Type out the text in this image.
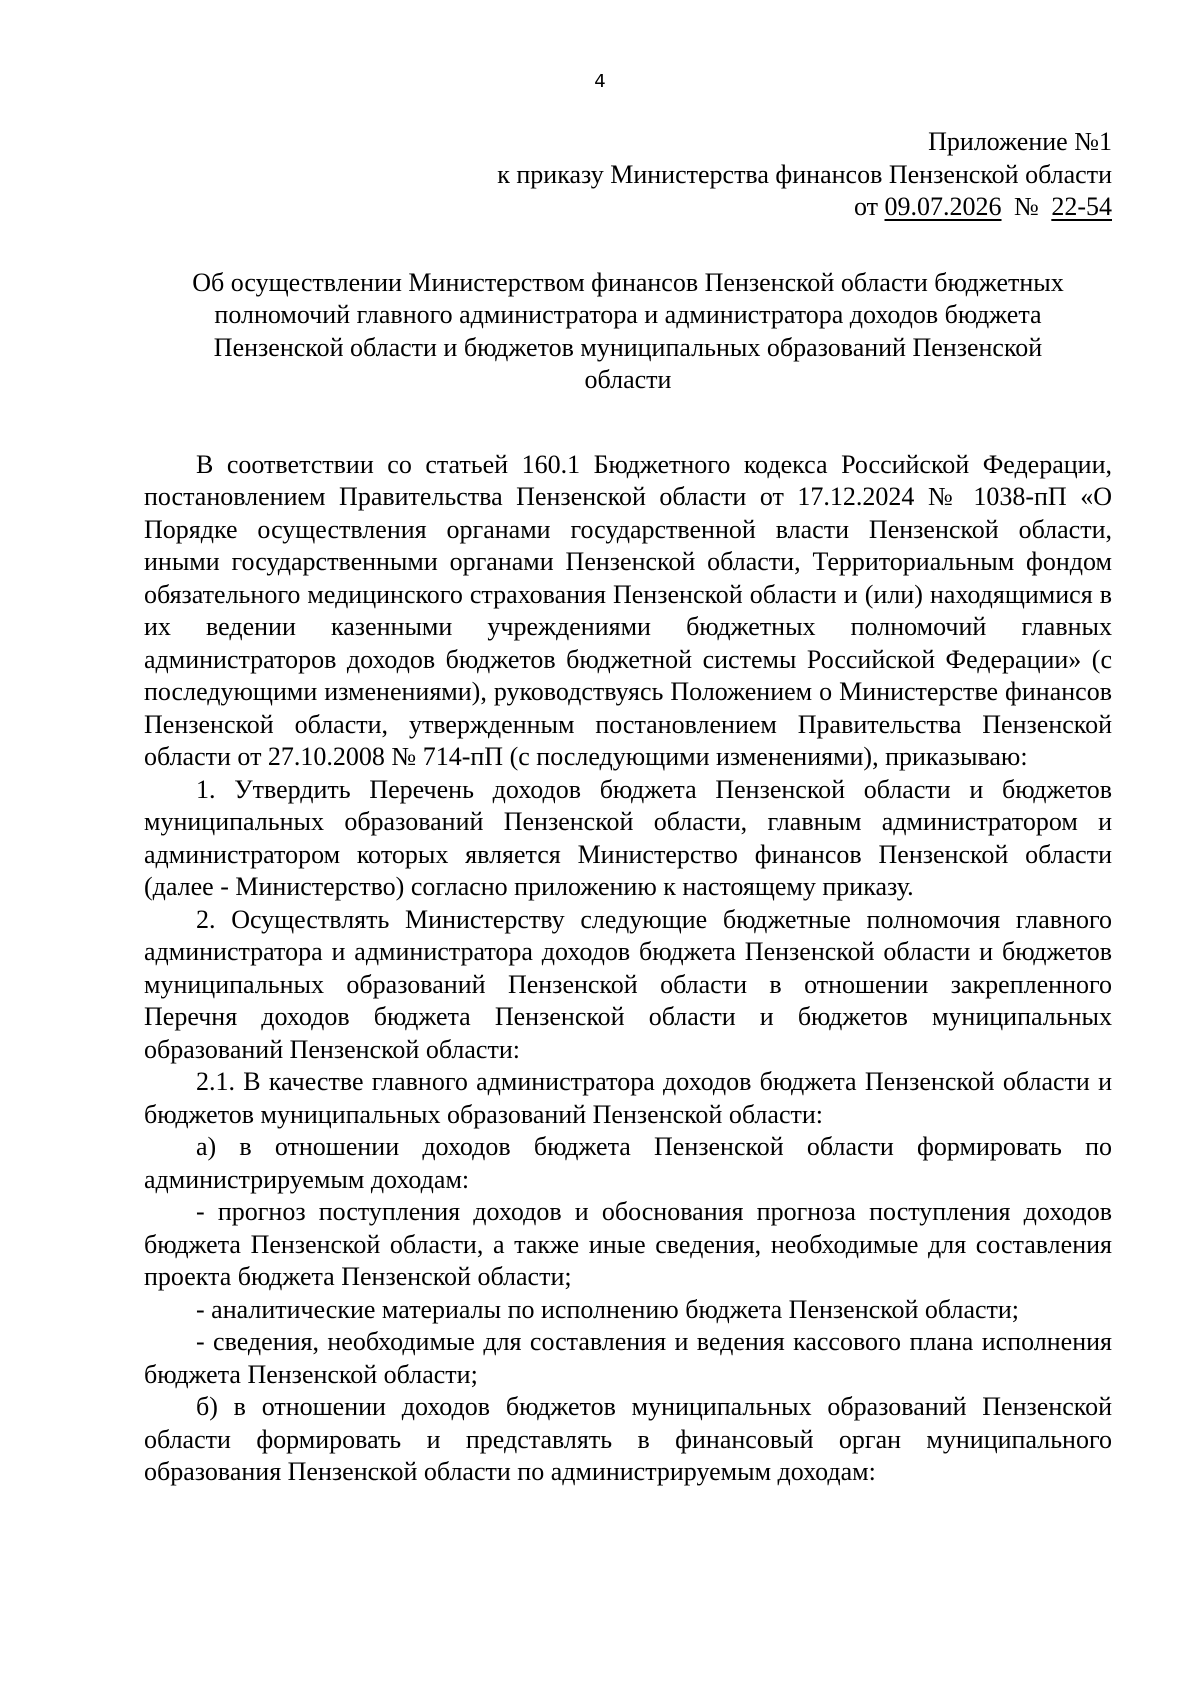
4
Приложение №1
к приказу Министерства финансов Пензенской области
от 09.07.2026 № 22-54
Об осуществлении Министерством финансов Пензенской области бюджетных
полномочий главного администратора и администратора доходов бюджета
Пензенской области и бюджетов муниципальных образований Пензенской
области

В соответствии со статьей 160.1 Бюджетного кодекса Российской Федерации, постановлением Правительства Пензенской области от 17.12.2024 № 1038-пП «О Порядке осуществления органами государственной власти Пензенской области, иными государственными органами Пензенской области, Территориальным фондом обязательного медицинского страхования Пензенской области и (или) находящимися в их ведении казенными учреждениями бюджетных полномочий главных администраторов доходов бюджетов бюджетной системы Российской Федерации» (с последующими изменениями), руководствуясь Положением о Министерстве финансов Пензенской области, утвержденным постановлением Правительства Пензенской области от 27.10.2008 № 714-пП (с последующими изменениями), приказываю:

1. Утвердить Перечень доходов бюджета Пензенской области и бюджетов муниципальных образований Пензенской области, главным администратором и администратором которых является Министерство финансов Пензенской области (далее - Министерство) согласно приложению к настоящему приказу.

2. Осуществлять Министерству следующие бюджетные полномочия главного администратора и администратора доходов бюджета Пензенской области и бюджетов муниципальных образований Пензенской области в отношении закрепленного Перечня доходов бюджета Пензенской области и бюджетов муниципальных образований Пензенской области:

2.1. В качестве главного администратора доходов бюджета Пензенской области и бюджетов муниципальных образований Пензенской области:

а) в отношении доходов бюджета Пензенской области формировать по администрируемым доходам:

- прогноз поступления доходов и обоснования прогноза поступления доходов бюджета Пензенской области, а также иные сведения, необходимые для составления проекта бюджета Пензенской области;

- аналитические материалы по исполнению бюджета Пензенской области;

- сведения, необходимые для составления и ведения кассового плана исполнения бюджета Пензенской области;

б) в отношении доходов бюджетов муниципальных образований Пензенской области формировать и представлять в финансовый орган муниципального образования Пензенской области по администрируемым доходам:
